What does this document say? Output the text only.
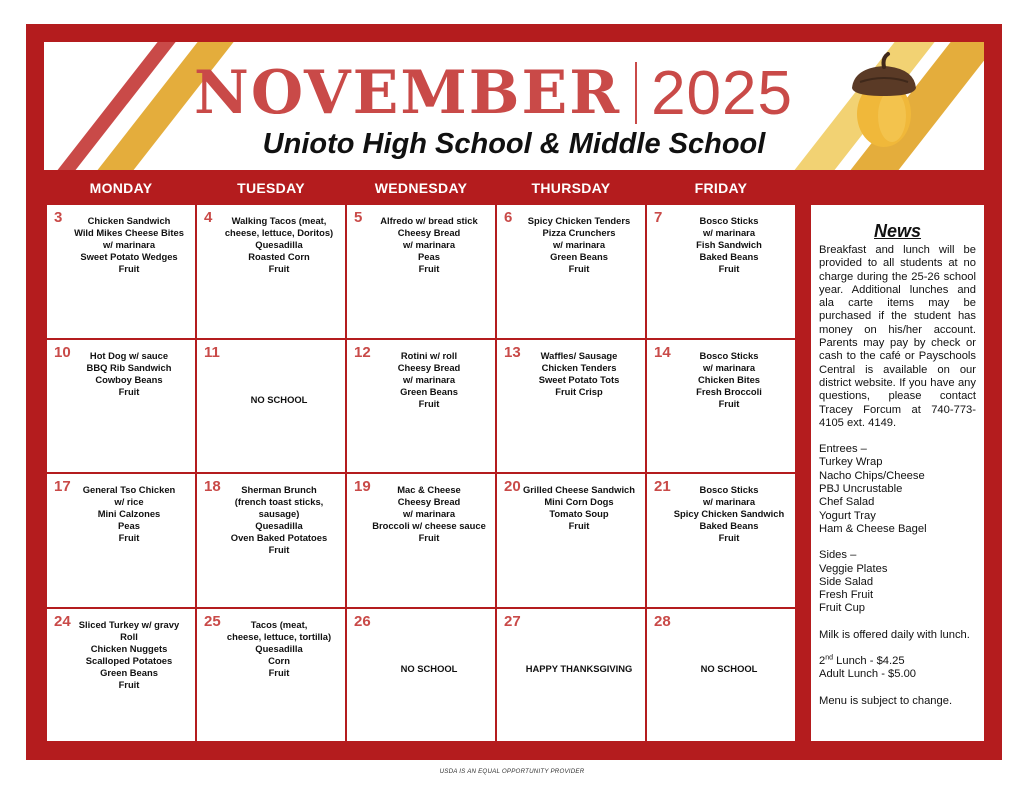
NOVEMBER 2025
Unioto High School & Middle School
MONDAY	TUESDAY	WEDNESDAY	THURSDAY	FRIDAY
3	Chicken Sandwich
Wild Mikes Cheese Bites
w/ marinara
Sweet Potato Wedges
Fruit
4	Walking Tacos (meat,
cheese, lettuce, Doritos)
Quesadilla
Roasted Corn
Fruit
5	Alfredo w/ bread stick
Cheesy Bread
w/ marinara
Peas
Fruit
6	Spicy Chicken Tenders
Pizza Crunchers
w/ marinara
Green Beans
Fruit
7	Bosco Sticks
w/ marinara
Fish Sandwich
Baked Beans
Fruit
10	Hot Dog w/ sauce
BBQ Rib Sandwich
Cowboy Beans
Fruit
11
NO SCHOOL
12	Rotini w/ roll
Cheesy Bread
w/ marinara
Green Beans
Fruit
13	Waffles/ Sausage
Chicken Tenders
Sweet Potato Tots
Fruit Crisp
14	Bosco Sticks
w/ marinara
Chicken Bites
Fresh Broccoli
Fruit
17	General Tso Chicken
w/ rice
Mini Calzones
Peas
Fruit
18	Sherman Brunch
(french toast sticks, sausage)
Quesadilla
Oven Baked Potatoes
Fruit
19	Mac & Cheese
Cheesy Bread
w/ marinara
Broccoli w/ cheese sauce
Fruit
20 Grilled Cheese Sandwich
Mini Corn Dogs
Tomato Soup
Fruit
21	Bosco Sticks
w/ marinara
Spicy Chicken Sandwich
Baked Beans
Fruit
24 Sliced Turkey w/ gravy
Roll
Chicken Nuggets
Scalloped Potatoes
Green Beans
Fruit
25	Tacos (meat,
cheese, lettuce, tortilla)
Quesadilla
Corn
Fruit
26
NO SCHOOL
27
HAPPY THANKSGIVING
28
NO SCHOOL
News
Breakfast and lunch will be provided to all students at no charge during the 25-26 school year. Additional lunches and ala carte items may be purchased if the student has money on his/her account. Parents may pay by check or cash to the café or Payschools Central is available on our district website. If you have any questions, please contact Tracey Forcum at 740-773-4105 ext. 4149.
Entrees –
Turkey Wrap
Nacho Chips/Cheese
PBJ Uncrustable
Chef Salad
Yogurt Tray
Ham & Cheese Bagel
Sides –
Veggie Plates
Side Salad
Fresh Fruit
Fruit Cup
Milk is offered daily with lunch.
2nd Lunch - $4.25
Adult Lunch - $5.00
Menu is subject to change.
USDA IS AN EQUAL OPPORTUNITY PROVIDER
